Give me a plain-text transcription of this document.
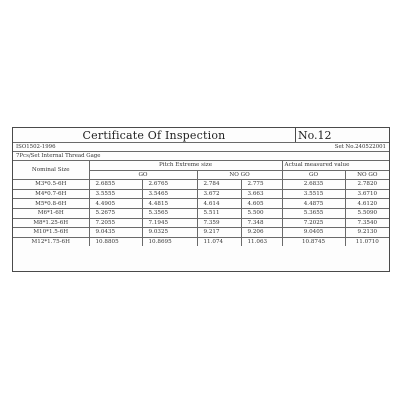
Certificate Of Inspection	No.12
ISO1502-1996	Set No.240522001
7Pcs/Set Internal Thread Gage
Nominal Size	Pitch Extreme size				Actual measured value	
	GO		NO GO		GO	NO GO
M3*0.5-6H	2.6855	2.6765	2.784	2.775	2.6835	2.7820
M4*0.7-6H	3.5555	3.5465	3.672	3.663	3.5515	3.6710
M5*0.8-6H	4.4905	4.4815	4.614	4.605	4.4875	4.6120
M6*1-6H	5.2675	5.3565	5.511	5.500	5.3655	5.5090
M8*1.25-6H	7.2055	7.1945	7.359	7.348	7.2025	7.3540
M10*1.5-6H	9.0435	9.0325	9.217	9.206	9.0405	9.2130
M12*1.75-6H	10.8805	10.8695	11.074	11.063	10.8745	11.0710
